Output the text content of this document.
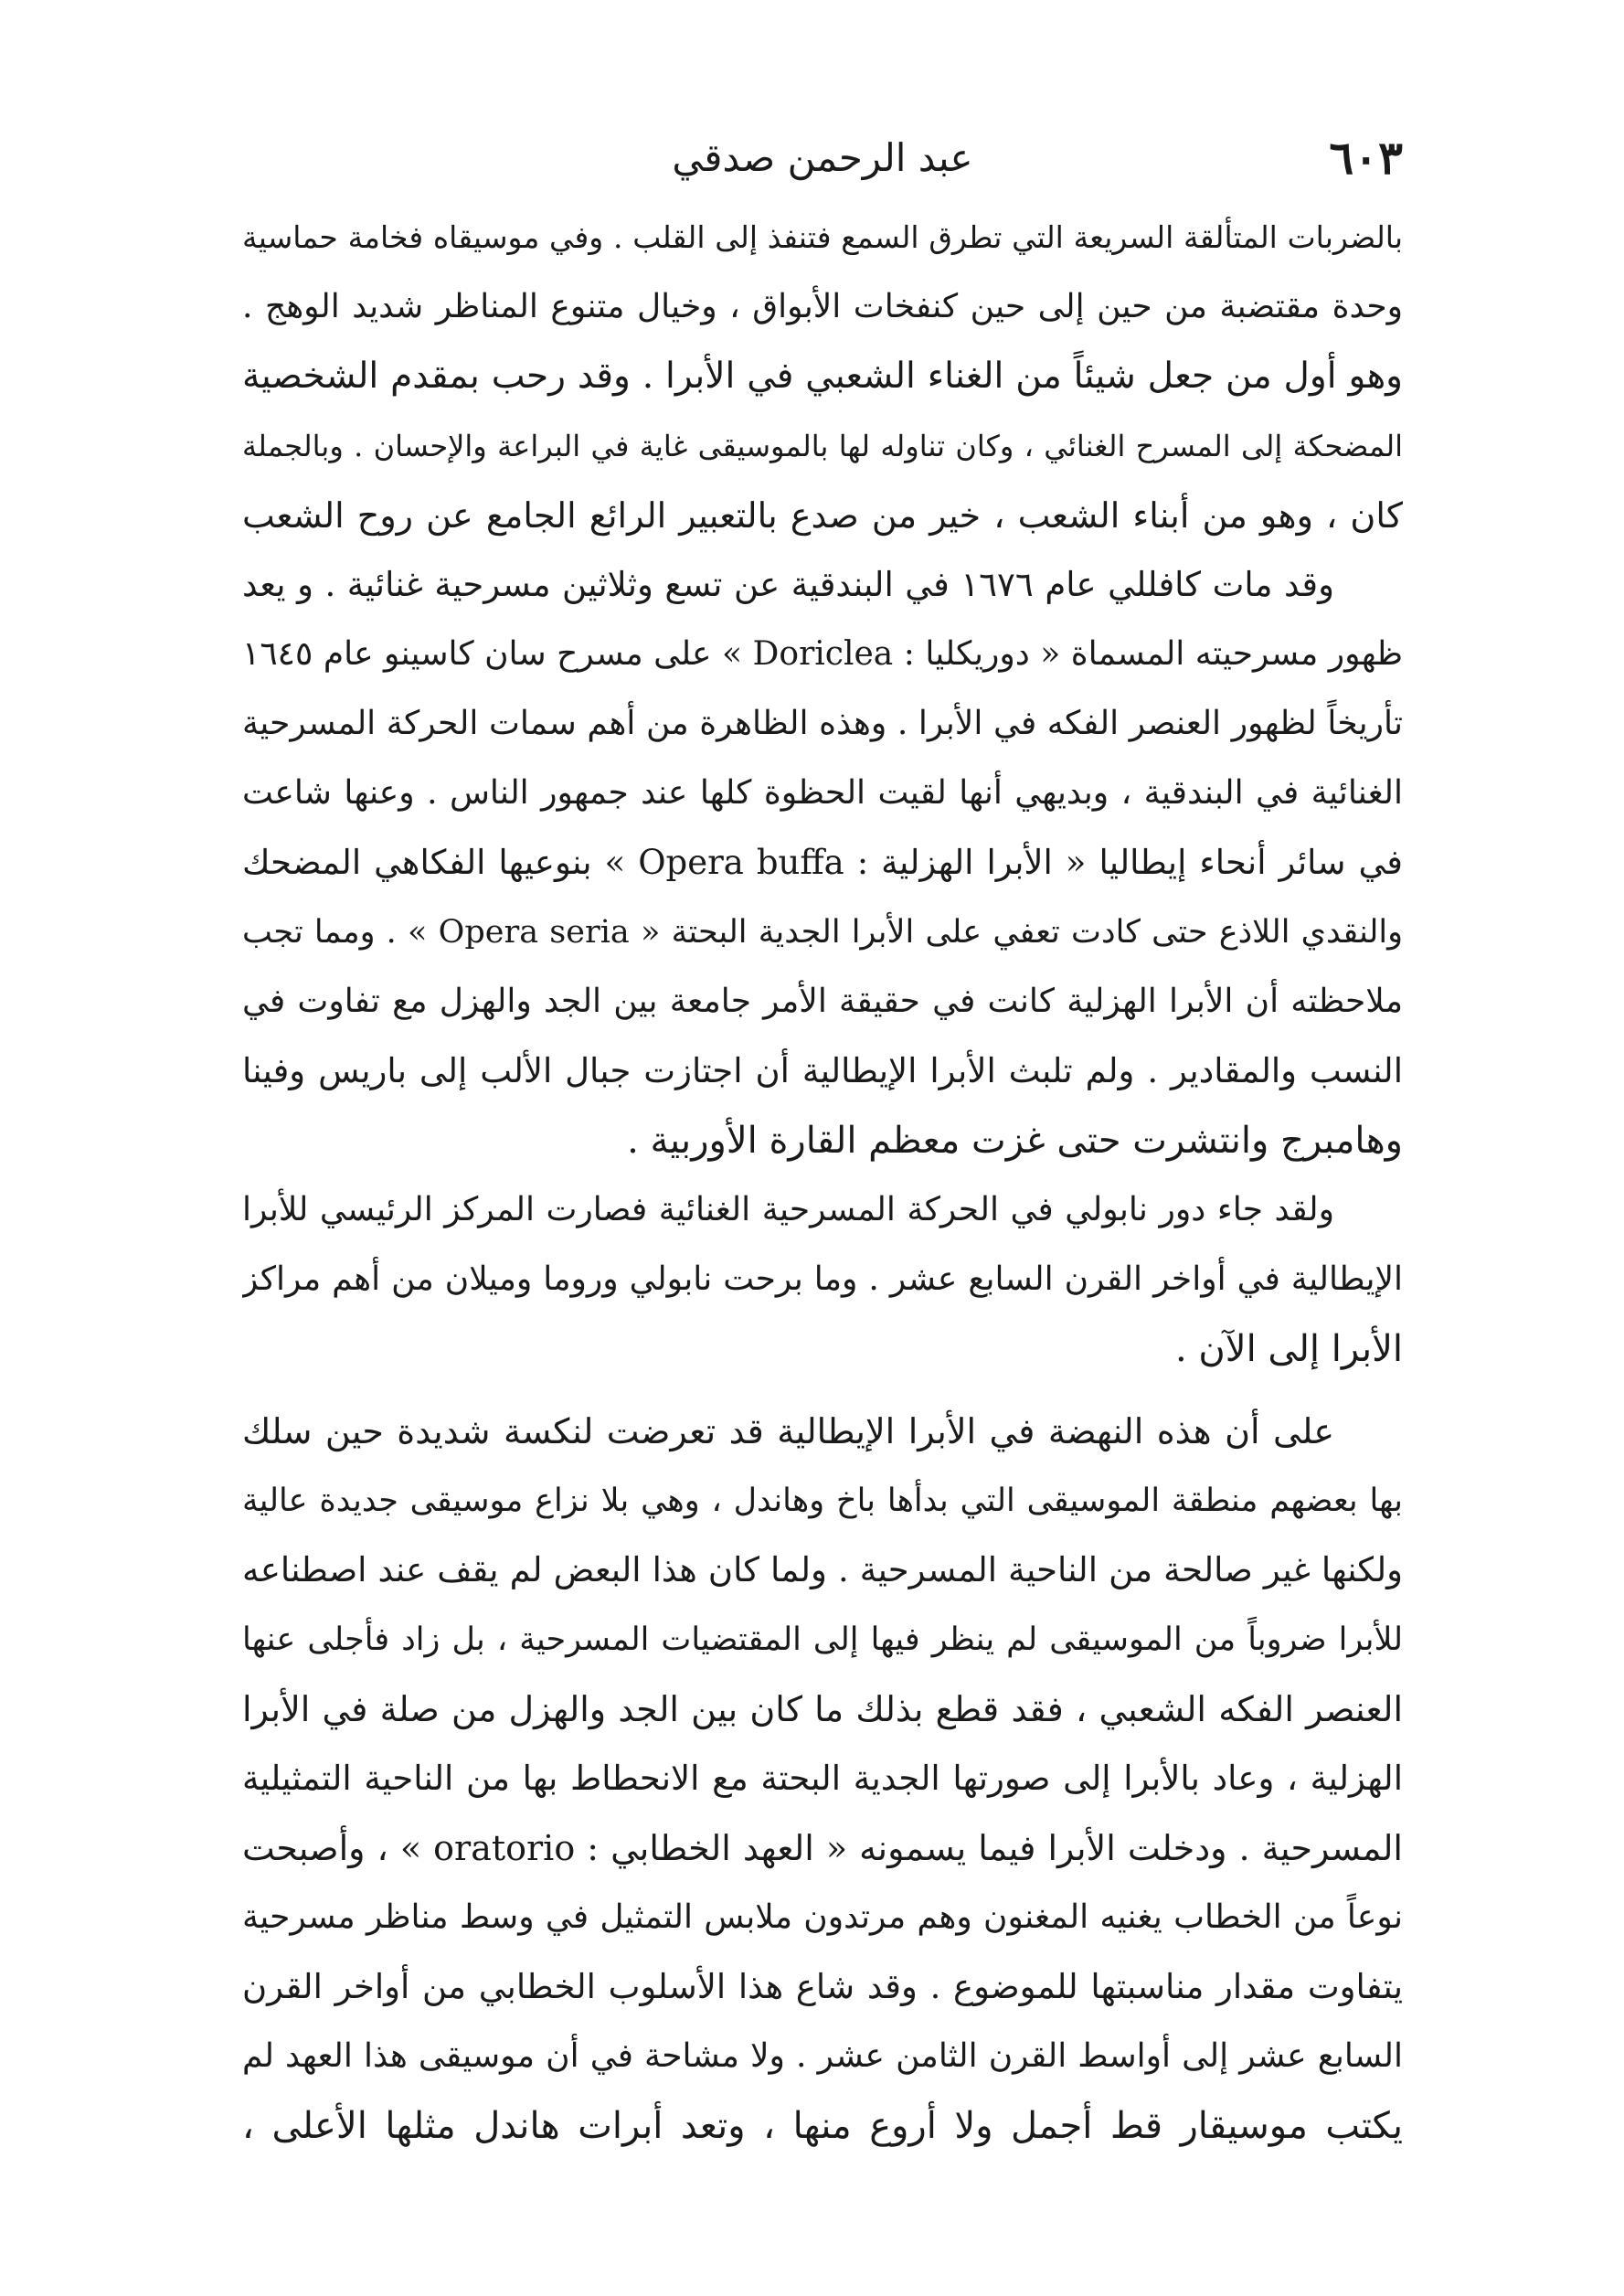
٦٠٣
عبد الرحمن صدقي
بالضربات المتألقة السريعة التي تطرق السمع فتنفذ إلى القلب . وفي موسيقاه فخامة حماسية
وحدة مقتضبة من حين إلى حين كنفخات الأبواق ، وخيال متنوع المناظر شديد الوهج .
وهو أول من جعل شيئاً من الغناء الشعبي في الأبرا . وقد رحب بمقدم الشخصية
المضحكة إلى المسرح الغنائي ، وكان تناوله لها بالموسيقى غاية في البراعة والإحسان . وبالجملة
كان ، وهو من أبناء الشعب ، خير من صدع بالتعبير الرائع الجامع عن روح الشعب
وقد مات كافللي عام ١٦٧٦ في البندقية عن تسع وثلاثين مسرحية غنائية . و يعد
ظهور مسرحيته المسماة « دوريكليا : Doriclea » على مسرح سان كاسينو عام ١٦٤٥
تأريخاً لظهور العنصر الفكه في الأبرا . وهذه الظاهرة من أهم سمات الحركة المسرحية
الغنائية في البندقية ، وبديهي أنها لقيت الحظوة كلها عند جمهور الناس . وعنها شاعت
في سائر أنحاء إيطاليا « الأبرا الهزلية : Opera buffa » بنوعيها الفكاهي المضحك
والنقدي اللاذع حتى كادت تعفي على الأبرا الجدية البحتة « Opera seria » . ومما تجب
ملاحظته أن الأبرا الهزلية كانت في حقيقة الأمر جامعة بين الجد والهزل مع تفاوت في
النسب والمقادير . ولم تلبث الأبرا الإيطالية أن اجتازت جبال الألب إلى باريس وفينا
وهامبرج وانتشرت حتى غزت معظم القارة الأوربية .
ولقد جاء دور نابولي في الحركة المسرحية الغنائية فصارت المركز الرئيسي للأبرا
الإيطالية في أواخر القرن السابع عشر . وما برحت نابولي وروما وميلان من أهم مراكز
الأبرا إلى الآن .
على أن هذه النهضة في الأبرا الإيطالية قد تعرضت لنكسة شديدة حين سلك
بها بعضهم منطقة الموسيقى التي بدأها باخ وهاندل ، وهي بلا نزاع موسيقى جديدة عالية
ولكنها غير صالحة من الناحية المسرحية . ولما كان هذا البعض لم يقف عند اصطناعه
للأبرا ضروباً من الموسيقى لم ينظر فيها إلى المقتضيات المسرحية ، بل زاد فأجلى عنها
العنصر الفكه الشعبي ، فقد قطع بذلك ما كان بين الجد والهزل من صلة في الأبرا
الهزلية ، وعاد بالأبرا إلى صورتها الجدية البحتة مع الانحطاط بها من الناحية التمثيلية
المسرحية . ودخلت الأبرا فيما يسمونه « العهد الخطابي : oratorio » ، وأصبحت
نوعاً من الخطاب يغنيه المغنون وهم مرتدون ملابس التمثيل في وسط مناظر مسرحية
يتفاوت مقدار مناسبتها للموضوع . وقد شاع هذا الأسلوب الخطابي من أواخر القرن
السابع عشر إلى أواسط القرن الثامن عشر . ولا مشاحة في أن موسيقى هذا العهد لم
يكتب موسيقار قط أجمل ولا أروع منها ، وتعد أبرات هاندل مثلها الأعلى ،
